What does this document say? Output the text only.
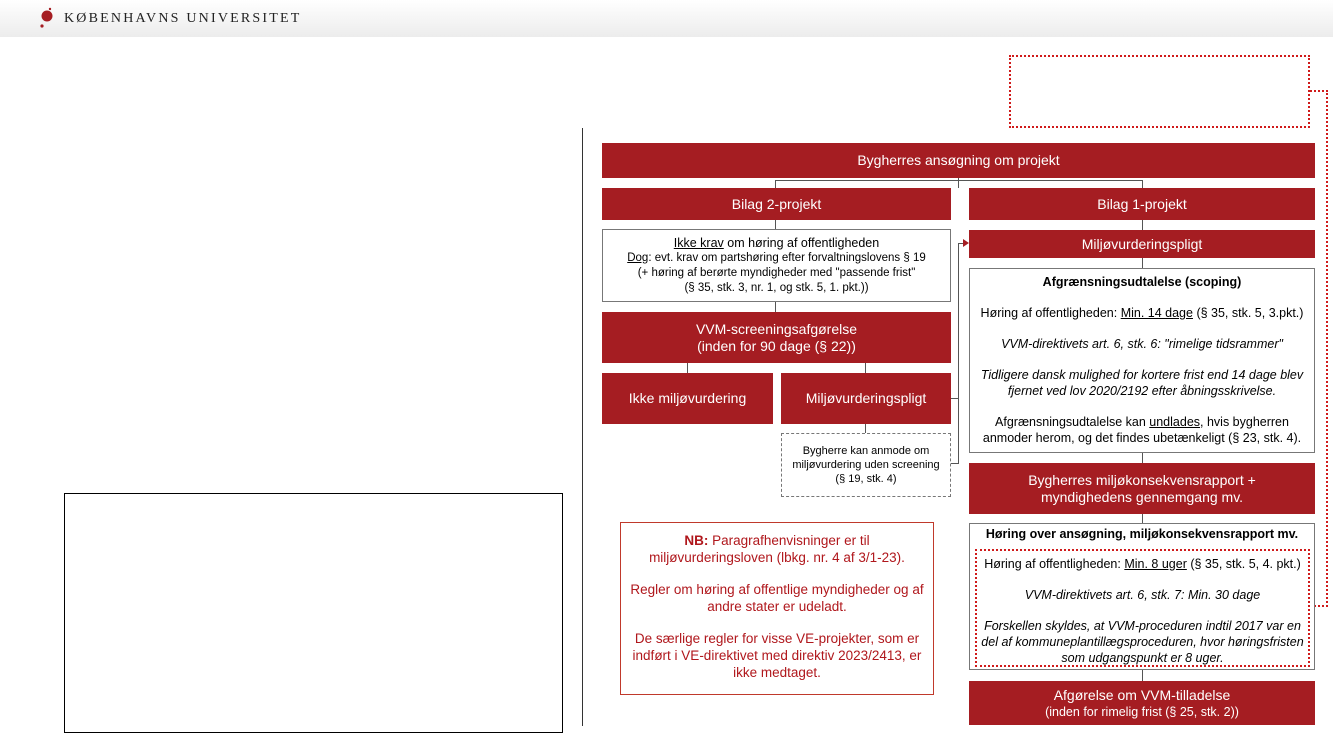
KØBENHAVNS UNIVERSITET
Bygherres ansøgning om projekt
Bilag 2-projekt

Ikke krav om høring af offentligheden

Dog: evt. krav om partshøring efter forvaltningslovens § 19

(+ høring af berørte myndigheder med "passende frist"

(§ 35, stk. 3, nr. 1, og stk. 5, 1. pkt.))

VVM-screeningsafgørelse
(inden for 90 dage (§ 22))
Ikke miljøvurdering	Miljøvurderingspligt
Bygherre kan anmode om miljøvurdering uden screening (§ 19, stk. 4)
Bilag 1-projekt
Miljøvurderingspligt

Afgrænsningsudtalelse (scoping)

Høring af offentligheden: Min. 14 dage (§ 35, stk. 5, 3.pkt.)

VVM-direktivets art. 6, stk. 6: "rimelige tidsrammer"

Tidligere dansk mulighed for kortere frist end 14 dage blev fjernet ved lov 2020/2192 efter åbningsskrivelse.

Afgrænsningsudtalelse kan undlades, hvis bygherren anmoder herom, og det findes ubetænkeligt (§ 23, stk. 4).

Bygherres miljøkonsekvensrapport + myndighedens gennemgang mv.

Høring over ansøgning, miljøkonsekvensrapport mv.

Høring af offentligheden: Min. 8 uger (§ 35, stk. 5, 4. pkt.)

VVM-direktivets art. 6, stk. 7: Min. 30 dage

Forskellen skyldes, at VVM-proceduren indtil 2017 var en del af kommuneplantillægsproceduren, hvor høringsfristen som udgangspunkt er 8 uger.

Afgørelse om VVM-tilladelse
(inden for rimelig frist (§ 25, stk. 2))

NB: Paragrafhenvisninger er til miljøvurderingsloven (lbkg. nr. 4 af 3/1-23).

Regler om høring af offentlige myndigheder og af andre stater er udeladt.

De særlige regler for visse VE-projekter, som er indført i VE-direktivet med direktiv 2023/2413, er ikke medtaget.
